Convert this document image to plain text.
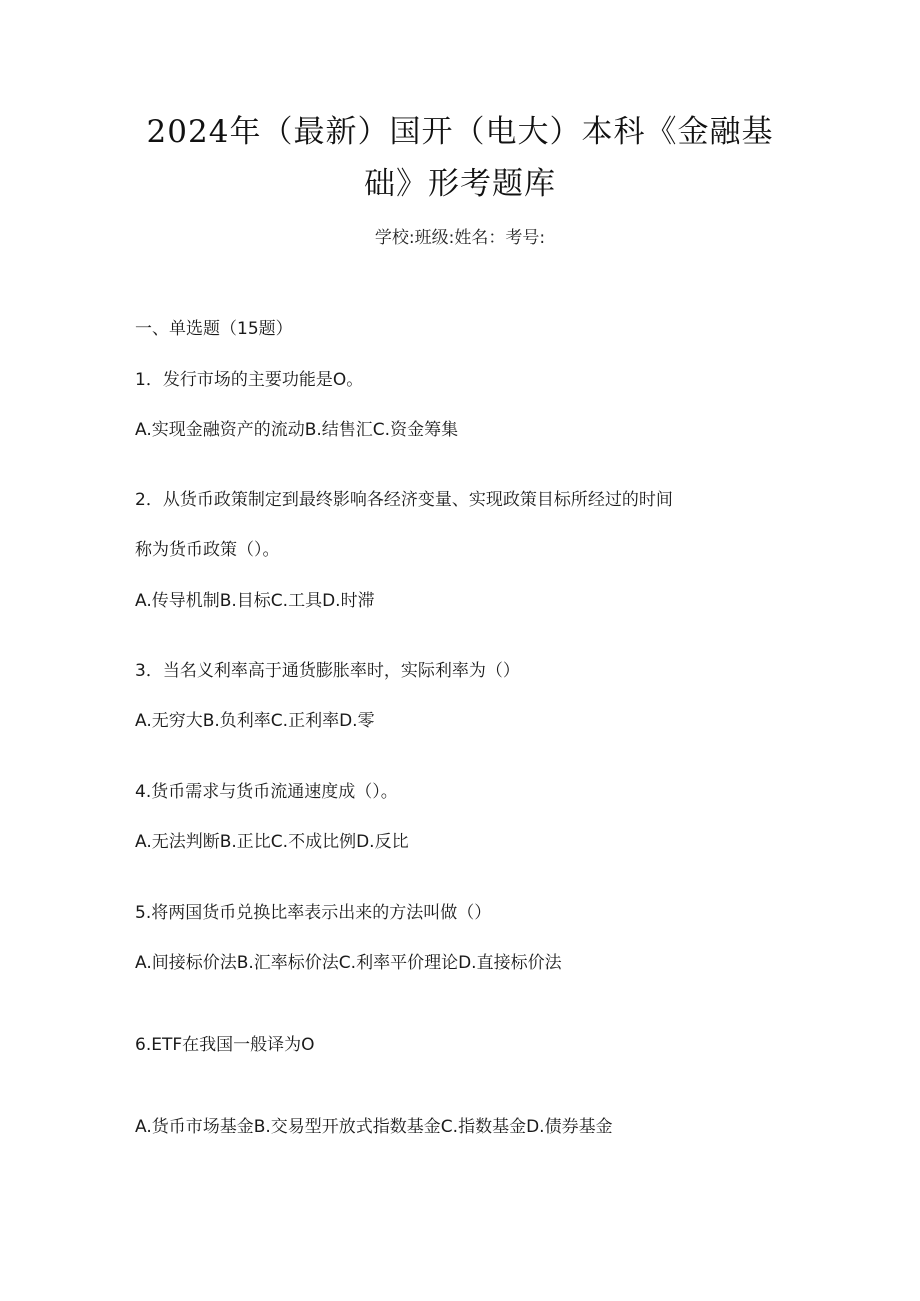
2024年（最新）国开（电大）本科《金融基
础》形考题库
学校:班级:姓名：考号:
一、单选题（15题）
1．发行市场的主要功能是O。
A.实现金融资产的流动B.结售汇C.资金筹集
2．从货币政策制定到最终影响各经济变量、实现政策目标所经过的时间
称为货币政策（）。
A.传导机制B.目标C.工具D.时滞
3．当名义利率高于通货膨胀率时，实际利率为（）
A.无穷大B.负利率C.正利率D.零
4.货币需求与货币流通速度成（）。
A.无法判断B.正比C.不成比例D.反比
5.将两国货币兑换比率表示出来的方法叫做（）
A.间接标价法B.汇率标价法C.利率平价理论D.直接标价法
6.ETF在我国一般译为O
A.货币市场基金B.交易型开放式指数基金C.指数基金D.债券基金
